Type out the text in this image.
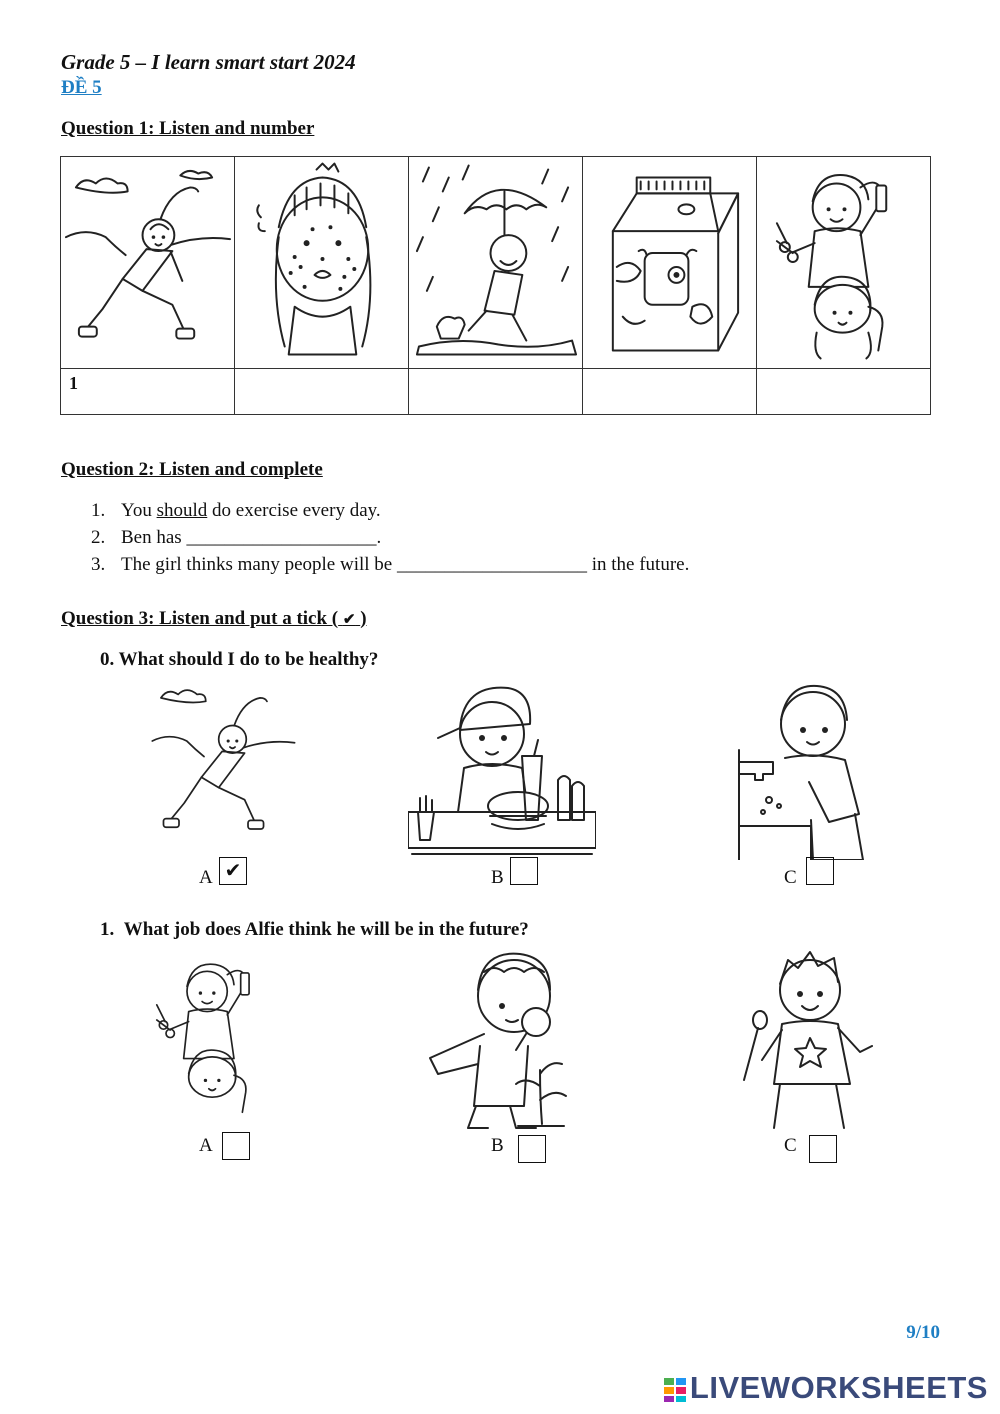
Grade 5 – I learn smart start 2024
ĐỀ 5
Question 1: Listen and number

1				
Question 2: Listen and complete
1. You should do exercise every day.
2. Ben has ____________________.
3. The girl thinks many people will be ____________________ in the future.
Question 3: Listen and put a tick ( ✔ )
0. What should I do to be healthy?
A ✔	B	C
1. What job does Alfie think he will be in the future?
A	B	C
9/10
LIVEWORKSHEETS
